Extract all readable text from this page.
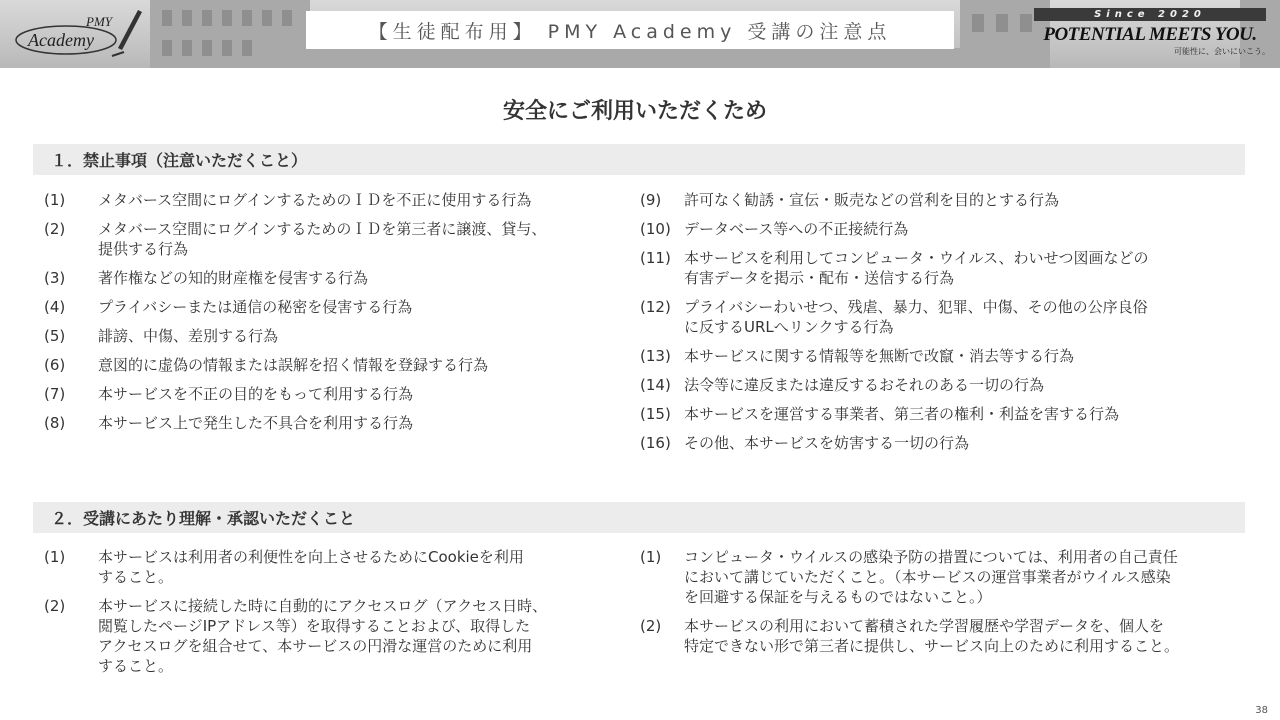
PMY
Academy	【生徒配布用】 PMY Academy 受講の注意点
Since 2020
POTENTIAL MEETS YOU.
可能性に、会いにいこう。
安全にご利用いただくため
１．禁止事項（注意いただくこと）
(1)	メタバース空間にログインするためのＩＤを不正に使用する行為
(2)	メタバース空間にログインするためのＩＤを第三者に譲渡、貸与、
提供する行為
(3)	著作権などの知的財産権を侵害する行為
(4)	プライバシーまたは通信の秘密を侵害する行為
(5)	誹謗、中傷、差別する行為
(6)	意図的に虚偽の情報または誤解を招く情報を登録する行為
(7)	本サービスを不正の目的をもって利用する行為
(8)	本サービス上で発生した不具合を利用する行為
(9)	許可なく勧誘・宣伝・販売などの営利を目的とする行為
(10) データベース等への不正接続行為
(11) 本サービスを利用してコンピュータ・ウイルス、わいせつ図画などの
有害データを掲示・配布・送信する行為
(12) プライバシーわいせつ、残虐、暴力、犯罪、中傷、その他の公序良俗
に反するURLへリンクする行為
(13) 本サービスに関する情報等を無断で改竄・消去等する行為
(14) 法令等に違反または違反するおそれのある一切の行為
(15) 本サービスを運営する事業者、第三者の権利・利益を害する行為
(16) その他、本サービスを妨害する一切の行為
２．受講にあたり理解・承認いただくこと
(1)	本サービスは利用者の利便性を向上させるためにCookieを利用
すること。
(2)	本サービスに接続した時に自動的にアクセスログ（アクセス日時、
閲覧したページIPアドレス等）を取得することおよび、取得した
アクセスログを組合せて、本サービスの円滑な運営のために利用
すること。
(1)	コンピュータ・ウイルスの感染予防の措置については、利用者の自己責任
において講じていただくこと。（本サービスの運営事業者がウイルス感染
を回避する保証を与えるものではないこと。）
(2)	本サービスの利用において蓄積された学習履歴や学習データを、個人を
特定できない形で第三者に提供し、サービス向上のために利用すること。
38
